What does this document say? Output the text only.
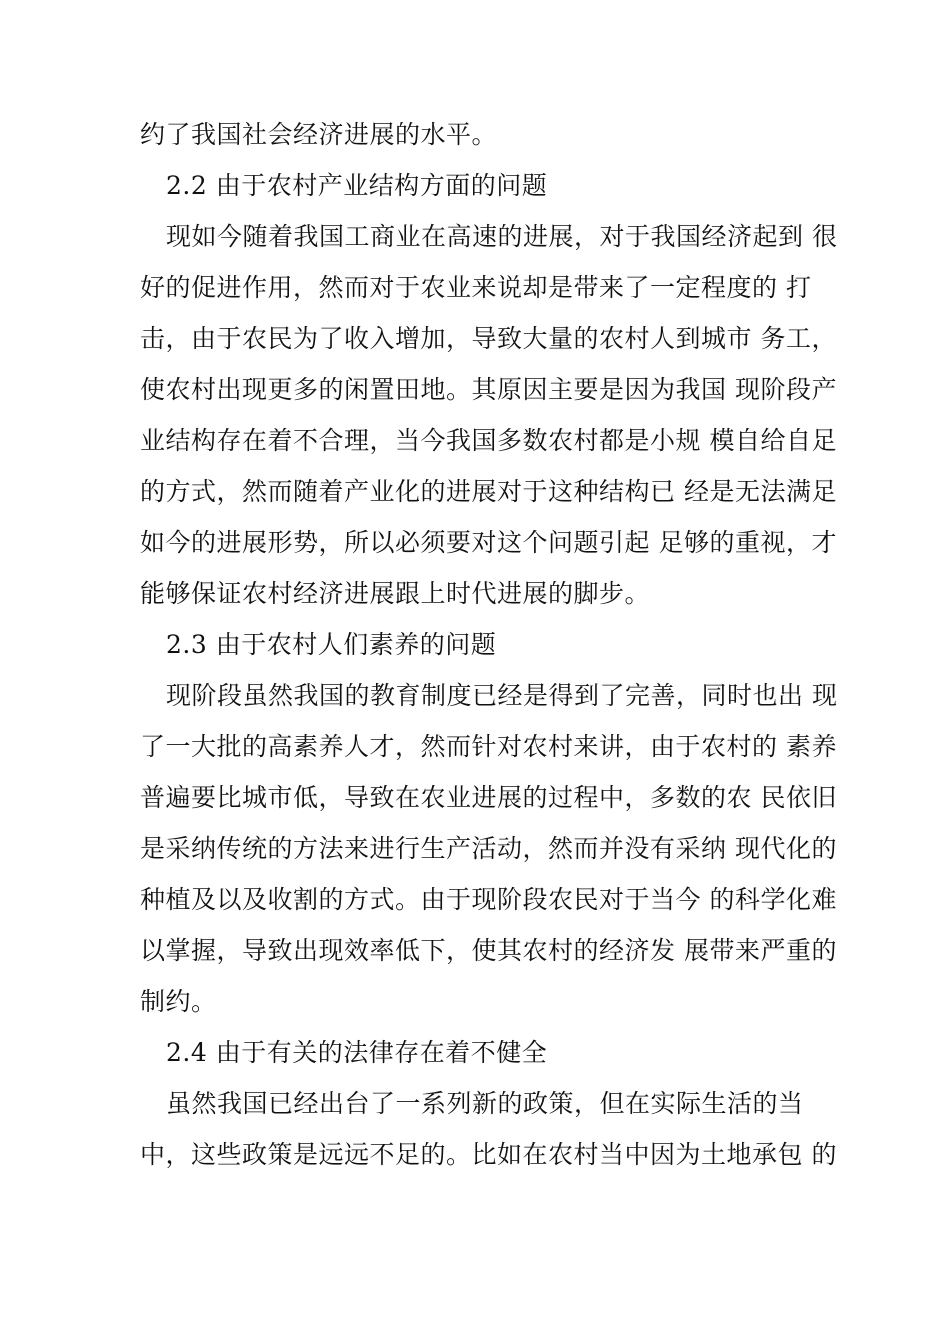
约了我国社会经济进展的水平。
2.2 由于农村产业结构方面的问题
现如今随着我国工商业在高速的进展，对于我国经济起到 很
好的促进作用，然而对于农业来说却是带来了一定程度的 打
击，由于农民为了收入增加，导致大量的农村人到城市 务工，
使农村出现更多的闲置田地。其原因主要是因为我国 现阶段产
业结构存在着不合理，当今我国多数农村都是小规 模自给自足
的方式，然而随着产业化的进展对于这种结构已 经是无法满足
如今的进展形势，所以必须要对这个问题引起 足够的重视，才
能够保证农村经济进展跟上时代进展的脚步。
2.3 由于农村人们素养的问题
现阶段虽然我国的教育制度已经是得到了完善，同时也出 现
了一大批的高素养人才，然而针对农村来讲，由于农村的 素养
普遍要比城市低，导致在农业进展的过程中，多数的农 民依旧
是采纳传统的方法来进行生产活动，然而并没有采纳 现代化的
种植及以及收割的方式。由于现阶段农民对于当今 的科学化难
以掌握，导致出现效率低下，使其农村的经济发 展带来严重的
制约。
2.4 由于有关的法律存在着不健全
虽然我国已经出台了一系列新的政策，但在实际生活的当
中，这些政策是远远不足的。比如在农村当中因为土地承包 的
